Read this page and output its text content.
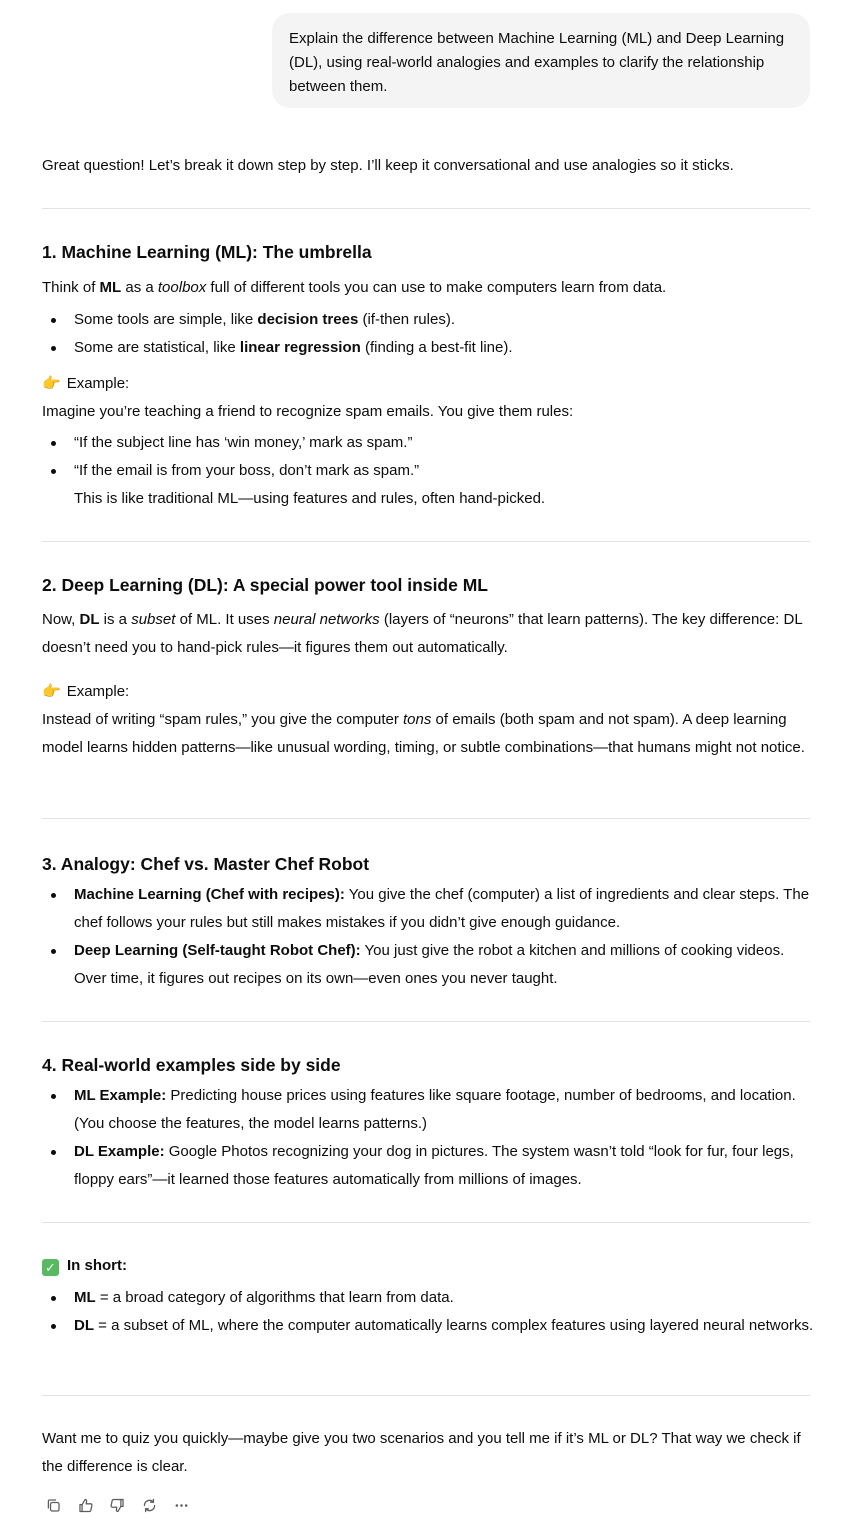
Explain the difference between Machine Learning (ML) and Deep Learning (DL), using real-world analogies and examples to clarify the relationship between them.
Great question! Let’s break it down step by step. I’ll keep it conversational and use analogies so it sticks.
1. Machine Learning (ML): The umbrella
Think of ML as a toolbox full of different tools you can use to make computers learn from data.
Some tools are simple, like decision trees (if-then rules).
Some are statistical, like linear regression (finding a best-fit line).
👉 Example:
Imagine you’re teaching a friend to recognize spam emails. You give them rules:
“If the subject line has ‘win money,’ mark as spam.”
“If the email is from your boss, don’t mark as spam.”
This is like traditional ML—using features and rules, often hand-picked.
2. Deep Learning (DL): A special power tool inside ML
Now, DL is a subset of ML. It uses neural networks (layers of “neurons” that learn patterns). The key difference: DL doesn’t need you to hand-pick rules—it figures them out automatically.
👉 Example:
Instead of writing “spam rules,” you give the computer tons of emails (both spam and not spam). A deep learning model learns hidden patterns—like unusual wording, timing, or subtle combinations—that humans might not notice.
3. Analogy: Chef vs. Master Chef Robot
Machine Learning (Chef with recipes): You give the chef (computer) a list of ingredients and clear steps. The chef follows your rules but still makes mistakes if you didn’t give enough guidance.
Deep Learning (Self-taught Robot Chef): You just give the robot a kitchen and millions of cooking videos. Over time, it figures out recipes on its own—even ones you never taught.
4. Real-world examples side by side
ML Example: Predicting house prices using features like square footage, number of bedrooms, and location. (You choose the features, the model learns patterns.)
DL Example: Google Photos recognizing your dog in pictures. The system wasn’t told “look for fur, four legs, floppy ears”—it learned those features automatically from millions of images.
✓ In short:
ML = a broad category of algorithms that learn from data.
DL = a subset of ML, where the computer automatically learns complex features using layered neural networks.
Want me to quiz you quickly—maybe give you two scenarios and you tell me if it’s ML or DL? That way we check if the difference is clear.
